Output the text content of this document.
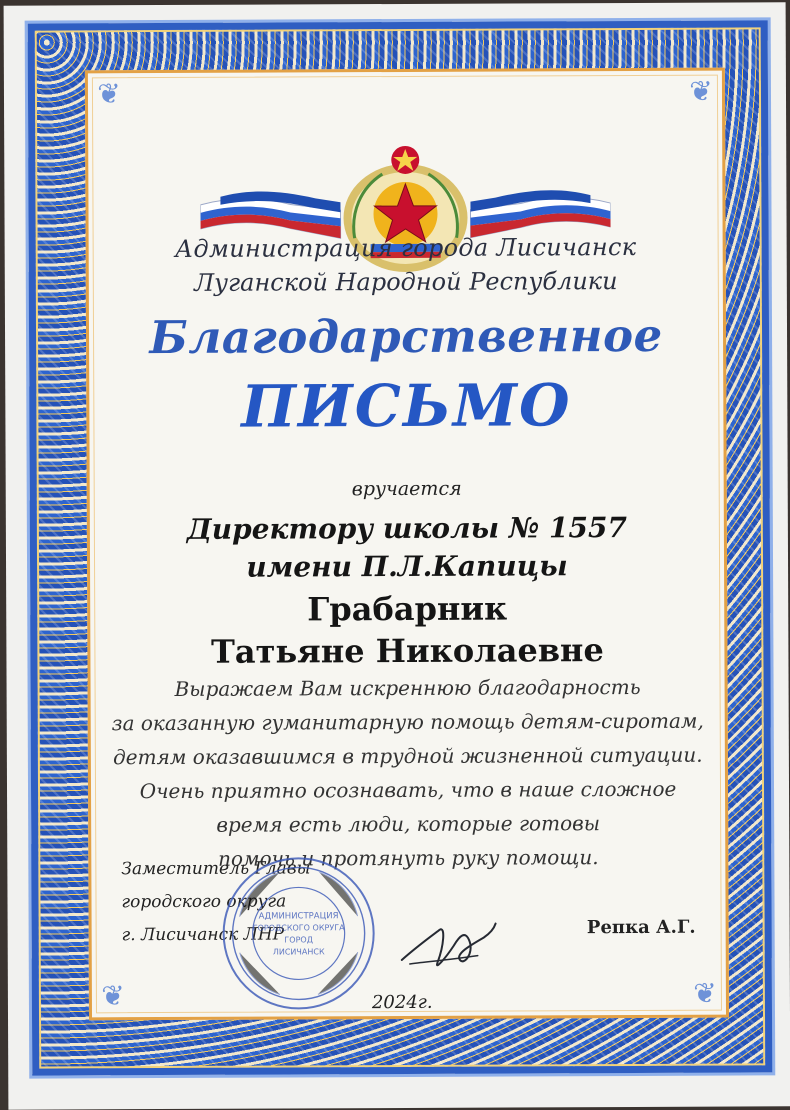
❦	❦
❦	❦
Администрация города Лисичанск
Луганской Народной Республики
Благодарственное
ПИСЬМО
вручается
Директору школы № 1557
имени П.Л.Капицы
Грабарник
Татьяне Николаевне
Выражаем Вам искреннюю благодарность
за оказанную гуманитарную помощь детям-сиротам,
детям оказавшимся в трудной жизненной ситуации.
Очень приятно осознавать, что в наше сложное
время есть люди, которые готовы
помочь и протянуть руку помощи.
Заместитель Главы
городского округа
г. Лисичанск ЛНР
АДМИНИСТРАЦИЯ
ГОРОДСКОГО ОКРУГА
ГОРОД
ЛИСИЧАНСК
Репка А.Г.
2024г.
